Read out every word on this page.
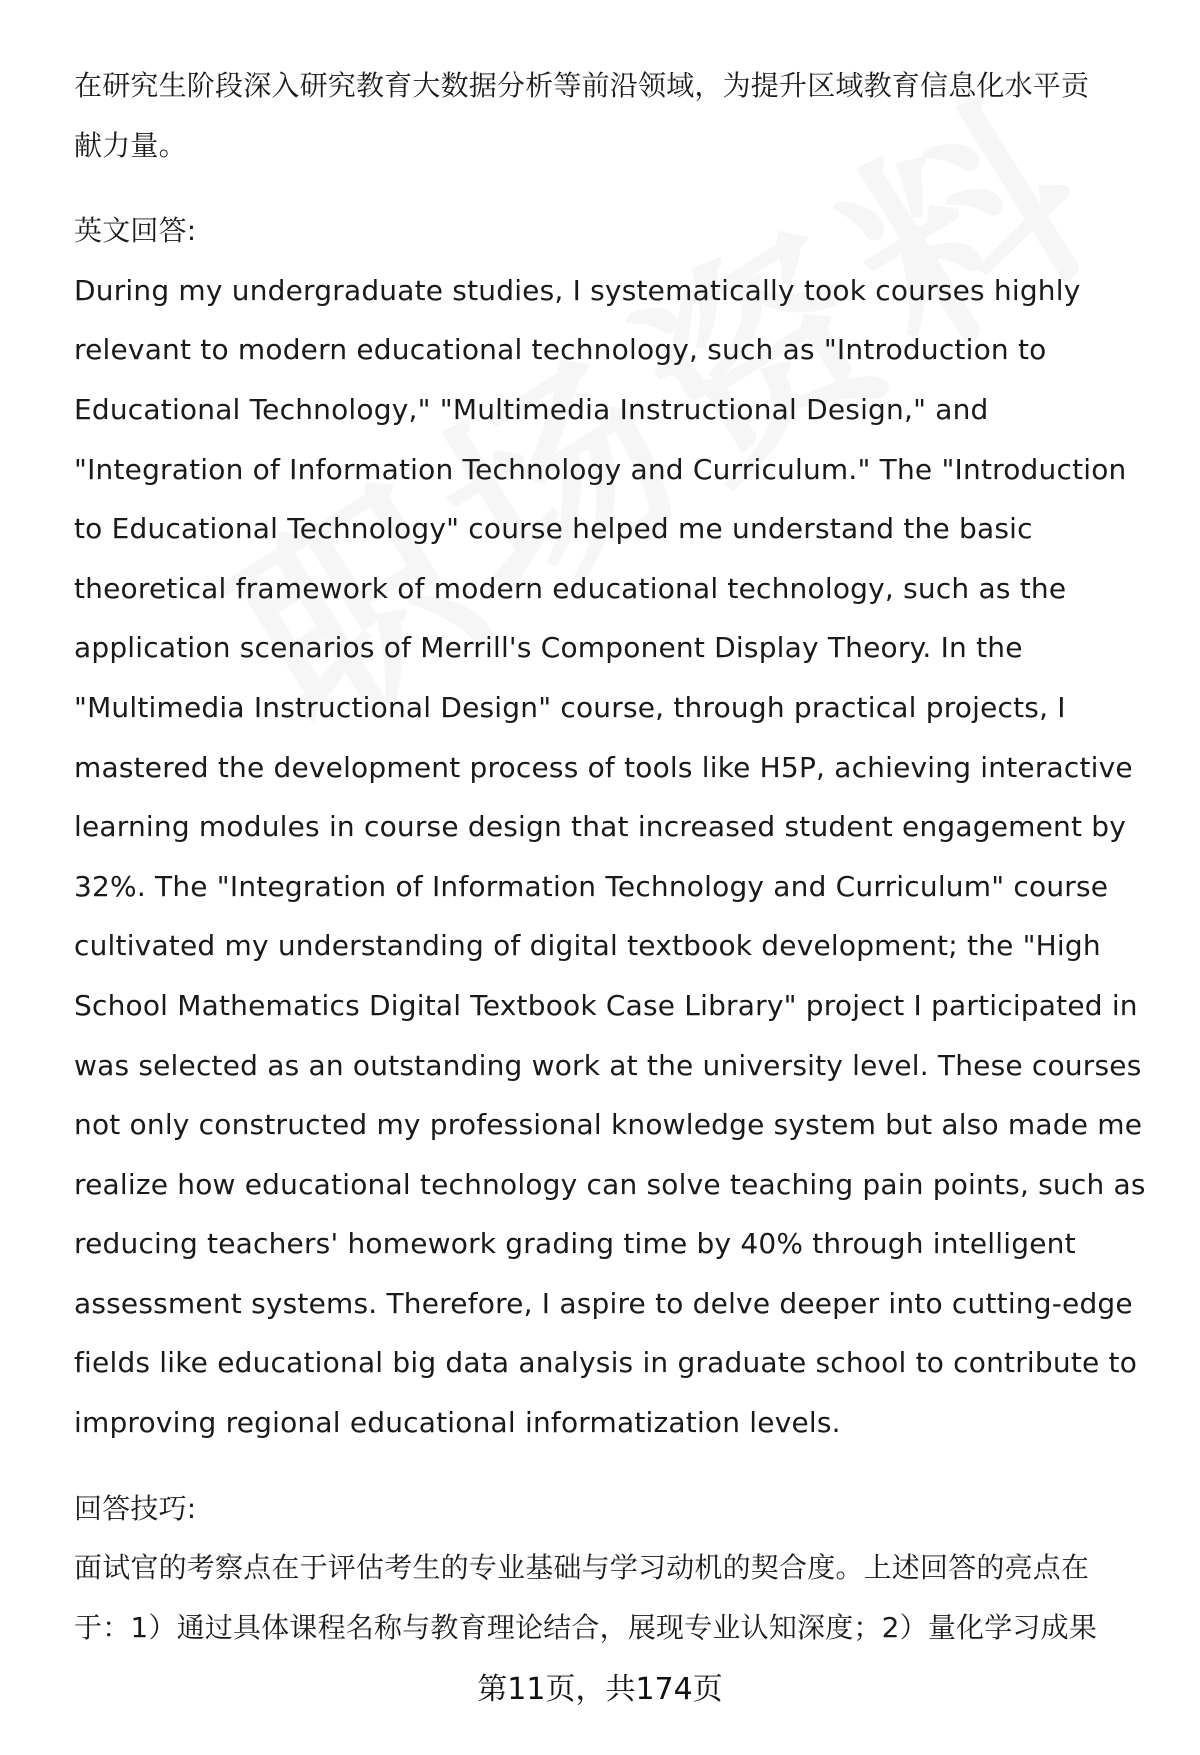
在研究生阶段深入研究教育大数据分析等前沿领域，为提升区域教育信息化水平贡
献力量。

英文回答:

During my undergraduate studies, I systematically took courses highly
relevant to modern educational technology, such as "Introduction to
Educational Technology," "Multimedia Instructional Design," and
"Integration of Information Technology and Curriculum." The "Introduction
to Educational Technology" course helped me understand the basic
theoretical framework of modern educational technology, such as the
application scenarios of Merrill's Component Display Theory. In the
"Multimedia Instructional Design" course, through practical projects, I
mastered the development process of tools like H5P, achieving interactive
learning modules in course design that increased student engagement by
32%. The "Integration of Information Technology and Curriculum" course
cultivated my understanding of digital textbook development; the "High
School Mathematics Digital Textbook Case Library" project I participated in
was selected as an outstanding work at the university level. These courses
not only constructed my professional knowledge system but also made me
realize how educational technology can solve teaching pain points, such as
reducing teachers' homework grading time by 40% through intelligent
assessment systems. Therefore, I aspire to delve deeper into cutting-edge
fields like educational big data analysis in graduate school to contribute to
improving regional educational informatization levels.

回答技巧:

面试官的考察点在于评估考生的专业基础与学习动机的契合度。上述回答的亮点在
于：1）通过具体课程名称与教育理论结合，展现专业认知深度；2）量化学习成果

第11页，共174页
